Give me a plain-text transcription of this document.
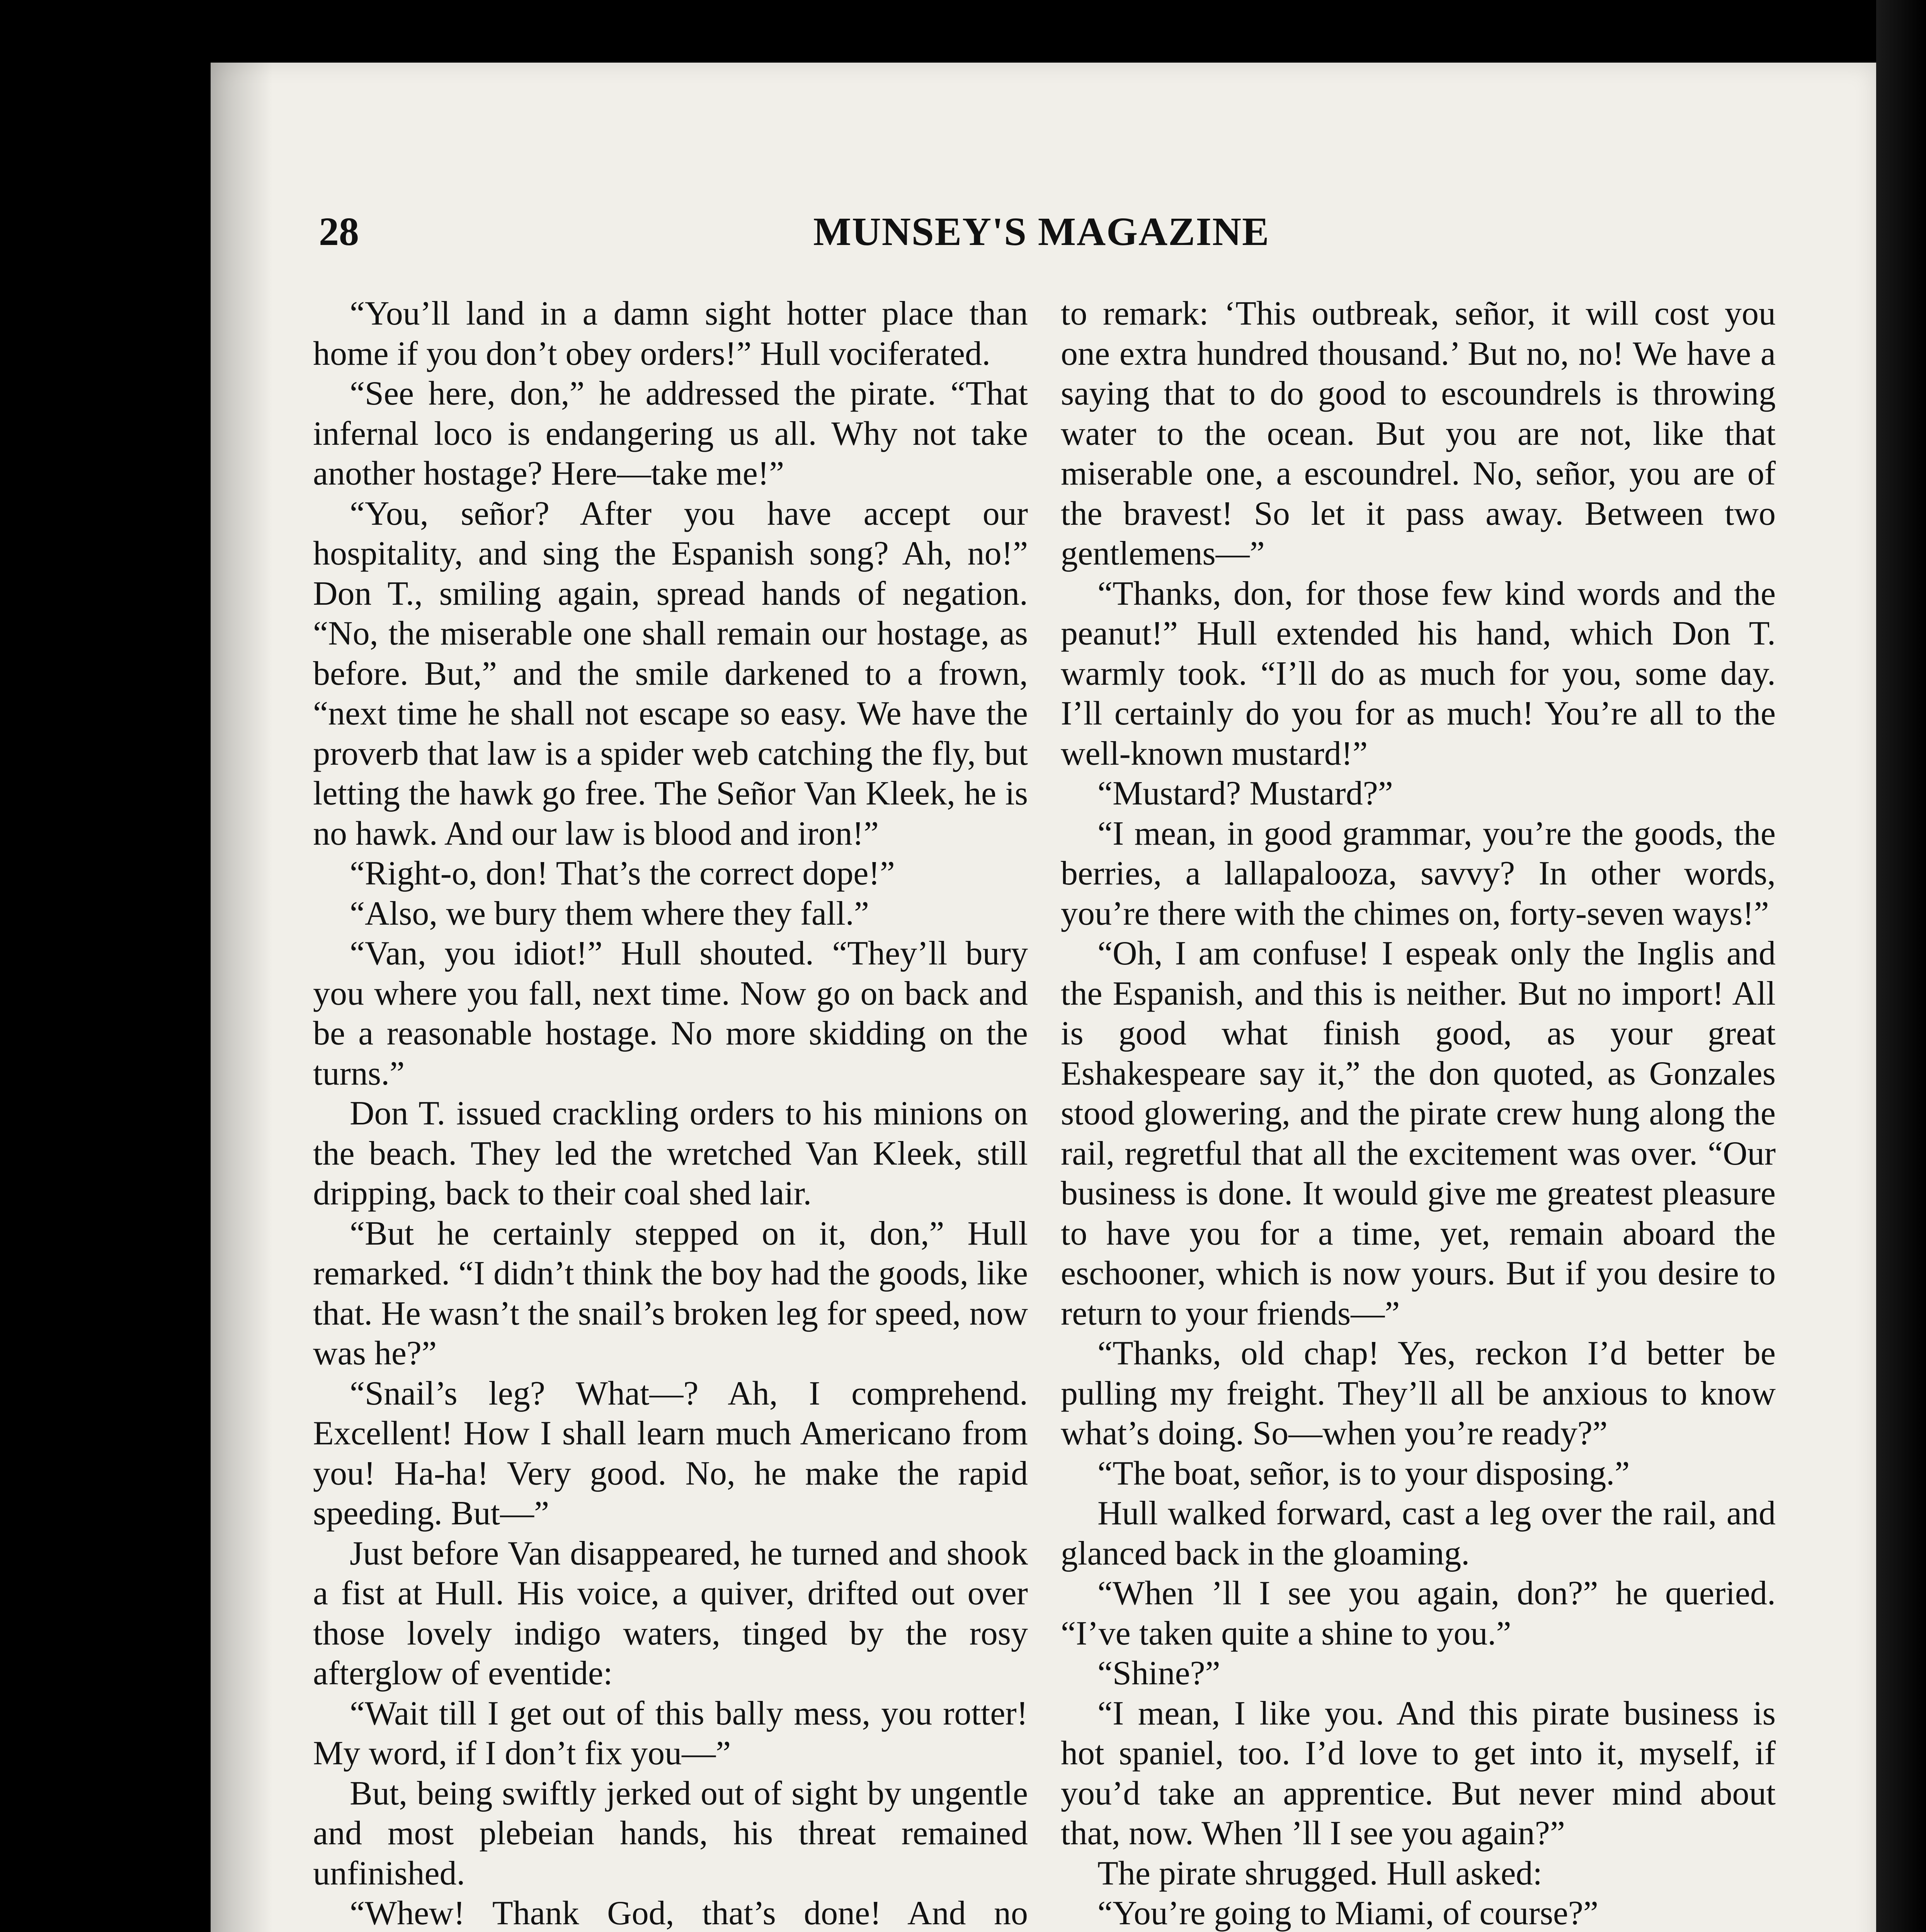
28	MUNSEY'S MAGAZINE

“You’ll land in a damn sight hotter place than home if you don’t obey orders!” Hull vociferated.

“See here, don,” he addressed the pirate. “That infernal loco is endangering us all. Why not take another hostage? Here—take me!”

“You, señor? After you have accept our hospitality, and sing the Espanish song? Ah, no!” Don T., smiling again, spread hands of negation. “No, the miserable one shall remain our hostage, as before. But,” and the smile darkened to a frown, “next time he shall not escape so easy. We have the proverb that law is a spider web catching the fly, but letting the hawk go free. The Señor Van Kleek, he is no hawk. And our law is blood and iron!”

“Right-o, don! That’s the correct dope!”

“Also, we bury them where they fall.”

“Van, you idiot!” Hull shouted. “They’ll bury you where you fall, next time. Now go on back and be a reasonable hostage. No more skidding on the turns.”

Don T. issued crackling orders to his minions on the beach. They led the wretched Van Kleek, still dripping, back to their coal shed lair.

“But he certainly stepped on it, don,” Hull remarked. “I didn’t think the boy had the goods, like that. He wasn’t the snail’s broken leg for speed, now was he?”

“Snail’s leg? What—? Ah, I comprehend. Excellent! How I shall learn much Americano from you! Ha-ha! Very good. No, he make the rapid speeding. But—”

Just before Van disappeared, he turned and shook a fist at Hull. His voice, a quiver, drifted out over those lovely indigo waters, tinged by the rosy afterglow of eventide:

“Wait till I get out of this bally mess, you rotter! My word, if I don’t fix you—”

But, being swiftly jerked out of sight by ungentle and most plebeian hands, his threat remained unfinished.

“Whew! Thank God, that’s done! And no

to remark: ‘This outbreak, señor, it will cost you one extra hundred thousand.’ But no, no! We have a saying that to do good to escoundrels is throwing water to the ocean. But you are not, like that miserable one, a escoundrel. No, señor, you are of the bravest! So let it pass away. Between two gentlemens—”

“Thanks, don, for those few kind words and the peanut!” Hull extended his hand, which Don T. warmly took. “I’ll do as much for you, some day. I’ll certainly do you for as much! You’re all to the well-known mustard!”

“Mustard? Mustard?”

“I mean, in good grammar, you’re the goods, the berries, a lallapalooza, savvy? In other words, you’re there with the chimes on, forty-seven ways!”

“Oh, I am confuse! I espeak only the Inglis and the Espanish, and this is neither. But no import! All is good what finish good, as your great Eshakespeare say it,” the don quoted, as Gonzales stood glowering, and the pirate crew hung along the rail, regretful that all the excitement was over. “Our business is done. It would give me greatest pleasure to have you for a time, yet, remain aboard the eschooner, which is now yours. But if you desire to return to your friends—”

“Thanks, old chap! Yes, reckon I’d better be pulling my freight. They’ll all be anxious to know what’s doing. So—when you’re ready?”

“The boat, señor, is to your disposing.”

Hull walked forward, cast a leg over the rail, and glanced back in the gloaming.

“When ’ll I see you again, don?” he queried. “I’ve taken quite a shine to you.”

“Shine?”

“I mean, I like you. And this pirate business is hot spaniel, too. I’d love to get into it, myself, if you’d take an apprentice. But never mind about that, now. When ’ll I see you again?”

The pirate shrugged. Hull asked:

“You’re going to Miami, of course?”
